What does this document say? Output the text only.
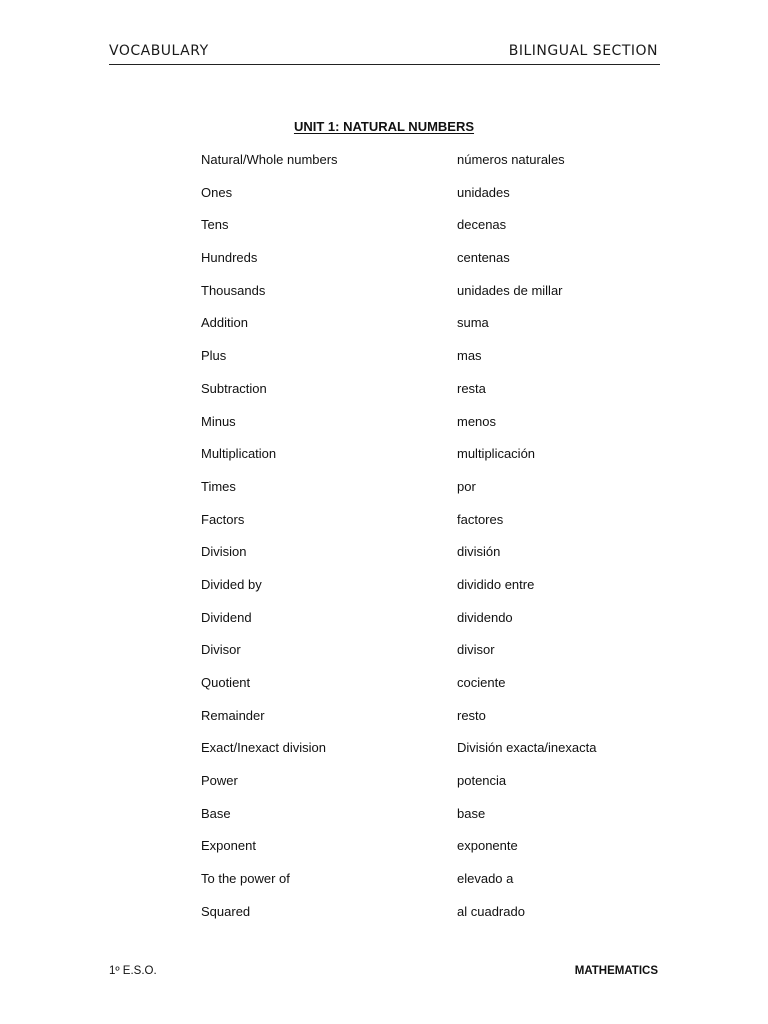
VOCABULARY	BILINGUAL SECTION
UNIT 1: NATURAL NUMBERS
Natural/Whole numbers	números naturales
Ones	unidades
Tens	decenas
Hundreds	centenas
Thousands	unidades de millar
Addition	suma
Plus	mas
Subtraction	resta
Minus	menos
Multiplication	multiplicación
Times	por
Factors	factores
Division	división
Divided by	dividido entre
Dividend	dividendo
Divisor	divisor
Quotient	cociente
Remainder	resto
Exact/Inexact division	División exacta/inexacta
Power	potencia
Base	base
Exponent	exponente
To the power of	elevado a
Squared	al cuadrado
1º E.S.O.	MATHEMATICS
